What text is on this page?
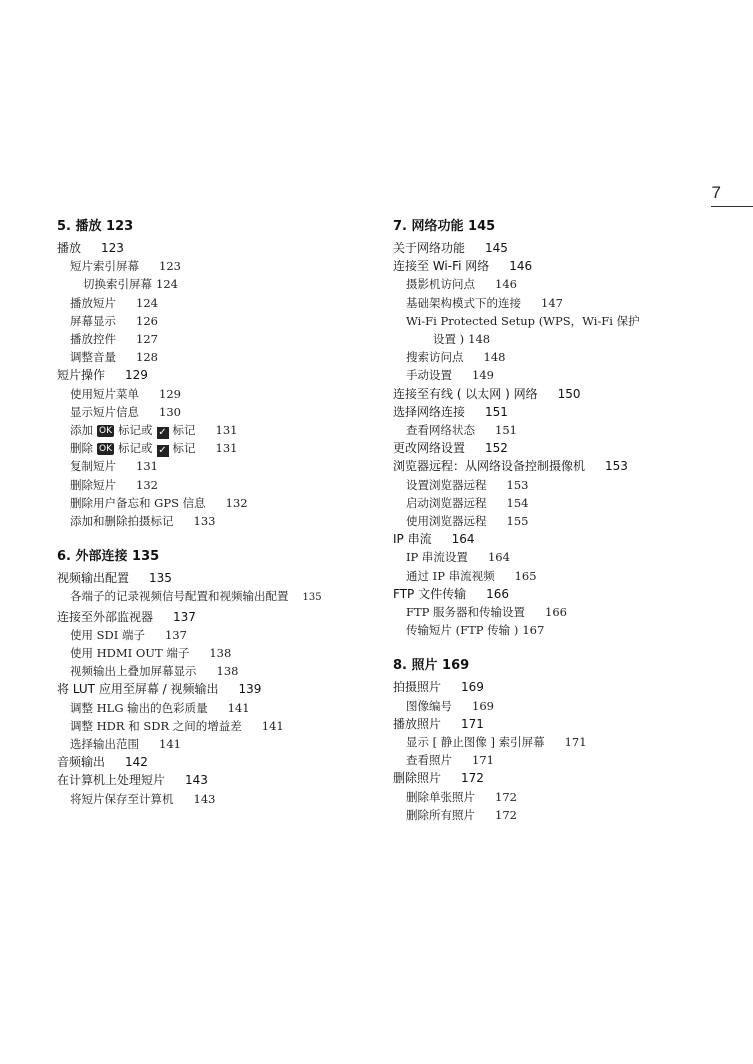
7
5. 播放 123
播放 123
短片索引屏幕 123
切换索引屏幕 124
播放短片 124
屏幕显示 126
播放控件 127
调整音量 128
短片操作 129
使用短片菜单 129
显示短片信息 130
添加 OK 标记或 ✓ 标记 131
删除 OK 标记或 ✓ 标记 131
复制短片 131
删除短片 132
删除用户备忘和 GPS 信息 132
添加和删除拍摄标记 133
6. 外部连接 135
视频输出配置 135
各端子的记录视频信号配置和视频输出配置 135
连接至外部监视器 137
使用 SDI 端子 137
使用 HDMI OUT 端子 138
视频输出上叠加屏幕显示 138
将 LUT 应用至屏幕 / 视频输出 139
调整 HLG 输出的色彩质量 141
调整 HDR 和 SDR 之间的增益差 141
选择输出范围 141
音频输出 142
在计算机上处理短片 143
将短片保存至计算机 143
7. 网络功能 145
关于网络功能 145
连接至 Wi-Fi 网络 146
摄影机访问点 146
基础架构模式下的连接 147
Wi-Fi Protected Setup (WPS，Wi-Fi 保护
设置 ) 148
搜索访问点 148
手动设置 149
连接至有线 ( 以太网 ) 网络 150
选择网络连接 151
查看网络状态 151
更改网络设置 152
浏览器远程：从网络设备控制摄像机 153
设置浏览器远程 153
启动浏览器远程 154
使用浏览器远程 155
IP 串流 164
IP 串流设置 164
通过 IP 串流视频 165
FTP 文件传输 166
FTP 服务器和传输设置 166
传输短片 (FTP 传输 ) 167
8. 照片 169
拍摄照片 169
图像编号 169
播放照片 171
显示 [ 静止图像 ] 索引屏幕 171
查看照片 171
删除照片 172
删除单张照片 172
删除所有照片 172
